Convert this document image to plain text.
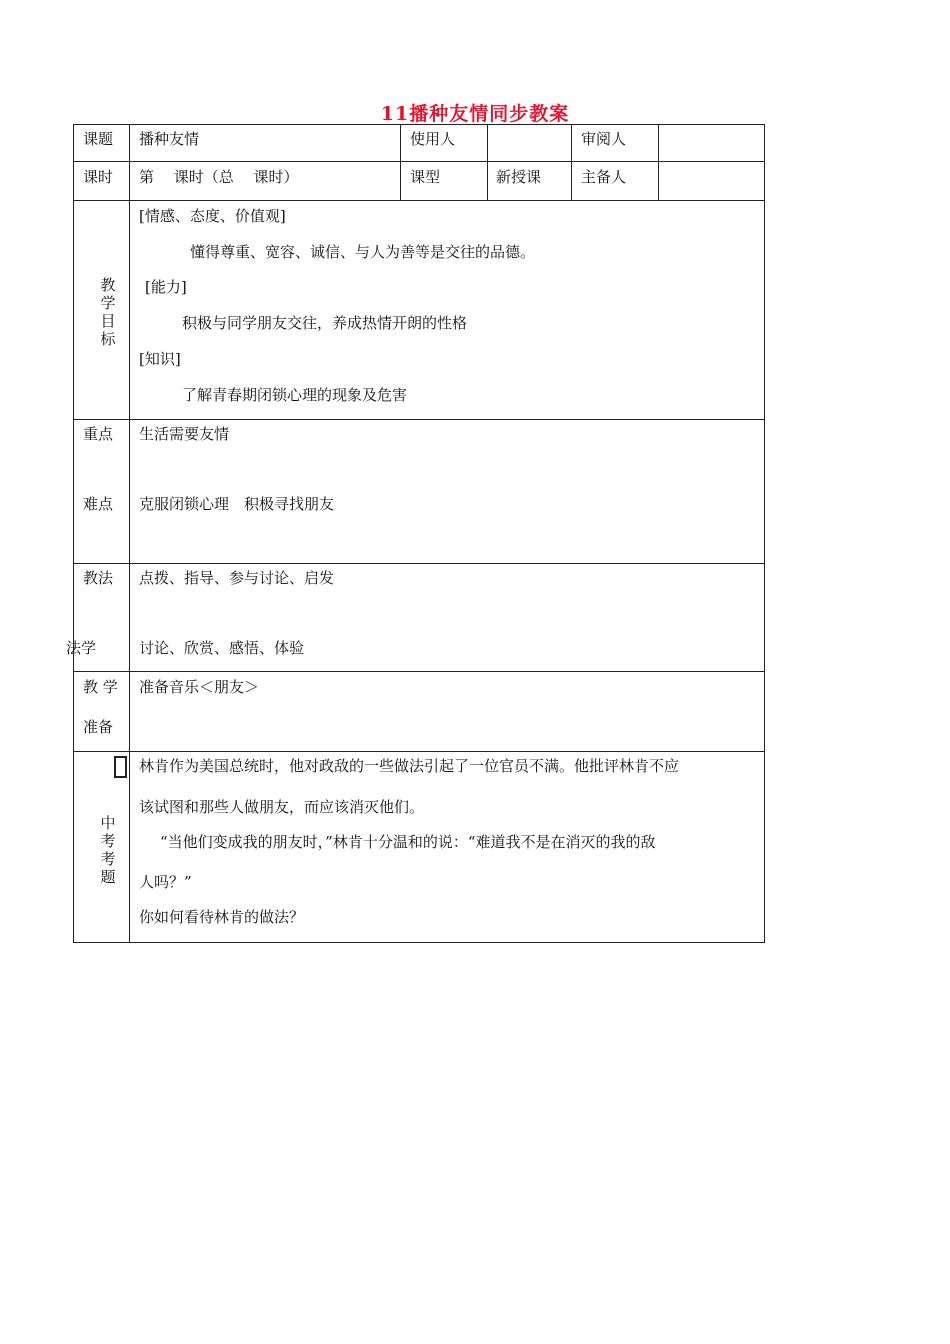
11播种友情同步教案
课题 播种友情	使用人	审阅人
课时 第　 课时（总　 课时）	课型	新授课	主备人
教学目标
[情感、态度、价值观]
懂得尊重、宽容、诚信、与人为善等是交往的品德。
[能力]
积极与同学朋友交往，养成热情开朗的性格
[知识]
了解青春期闭锁心理的现象及危害
重点 生活需要友情
难点 克服闭锁心理　积极寻找朋友
教法 点拨、指导、参与讨论、启发
法学	讨论、欣赏、感悟、体验
教 学
准备
准备音乐＜朋友＞
中考考题
林肯作为美国总统时，他对政敌的一些做法引起了一位官员不满。他批评林肯不应
该试图和那些人做朋友，而应该消灭他们。
“当他们变成我的朋友时，”林肯十分温和的说：“难道我不是在消灭的我的敌
人吗？”
你如何看待林肯的做法？
